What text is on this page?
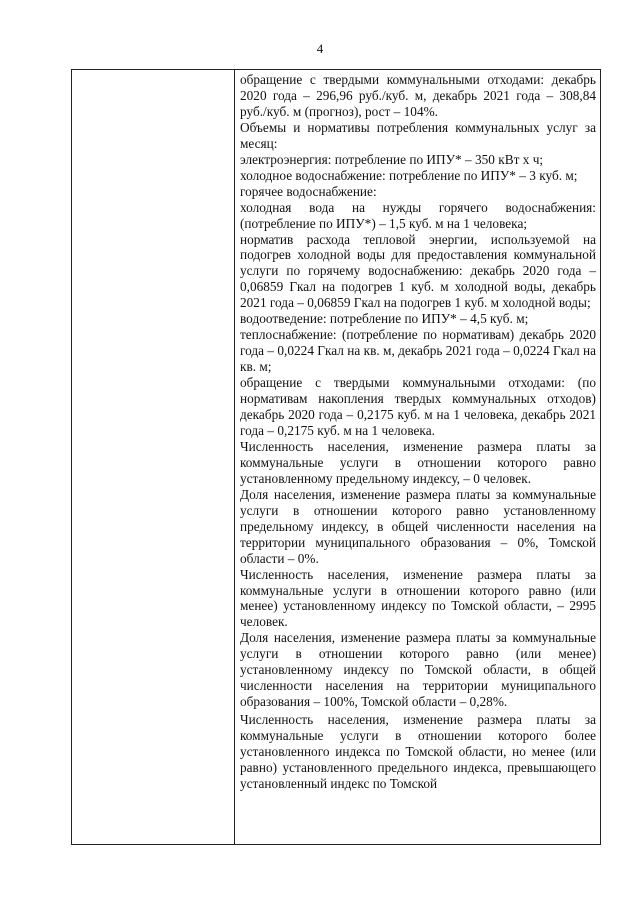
4

обращение с твердыми коммунальными отходами: декабрь 2020 года – 296,96 руб./куб. м, декабрь 2021 года – 308,84 руб./куб. м (прогноз), рост – 104%.

Объемы и нормативы потребления коммунальных услуг за месяц:

электроэнергия: потребление по ИПУ* – 350 кВт х ч;

холодное водоснабжение: потребление по ИПУ* – 3 куб. м;

горячее водоснабжение:

холодная вода на нужды горячего водоснабжения: (потребление по ИПУ*) – 1,5 куб. м на 1 человека;

норматив расхода тепловой энергии, используемой на подогрев холодной воды для предоставления коммунальной услуги по горячему водоснабжению: декабрь 2020 года – 0,06859 Гкал на подогрев 1 куб. м холодной воды, декабрь 2021 года – 0,06859 Гкал на подогрев 1 куб. м холодной воды;

водоотведение: потребление по ИПУ* – 4,5 куб. м;

теплоснабжение: (потребление по нормативам) декабрь 2020 года – 0,0224 Гкал на кв. м, декабрь 2021 года – 0,0224 Гкал на кв. м;

обращение с твердыми коммунальными отходами: (по нормативам накопления твердых коммунальных отходов) декабрь 2020 года – 0,2175 куб. м на 1 человека, декабрь 2021 года – 0,2175 куб. м на 1 человека.

Численность населения, изменение размера платы за коммунальные услуги в отношении которого равно установленному предельному индексу, – 0 человек.

Доля населения, изменение размера платы за коммунальные услуги в отношении которого равно установленному предельному индексу, в общей численности населения на территории муниципального образования – 0%, Томской области – 0%.

Численность населения, изменение размера платы за коммунальные услуги в отношении которого равно (или менее) установленному индексу по Томской области, – 2995 человек.

Доля населения, изменение размера платы за коммунальные услуги в отношении которого равно (или менее) установленному индексу по Томской области, в общей численности населения на территории муниципального образования – 100%, Томской области – 0,28%.

Численность населения, изменение размера платы за коммунальные услуги в отношении которого более установленного индекса по Томской области, но менее (или равно) установленного предельного индекса, превышающего установленный индекс по Томской
